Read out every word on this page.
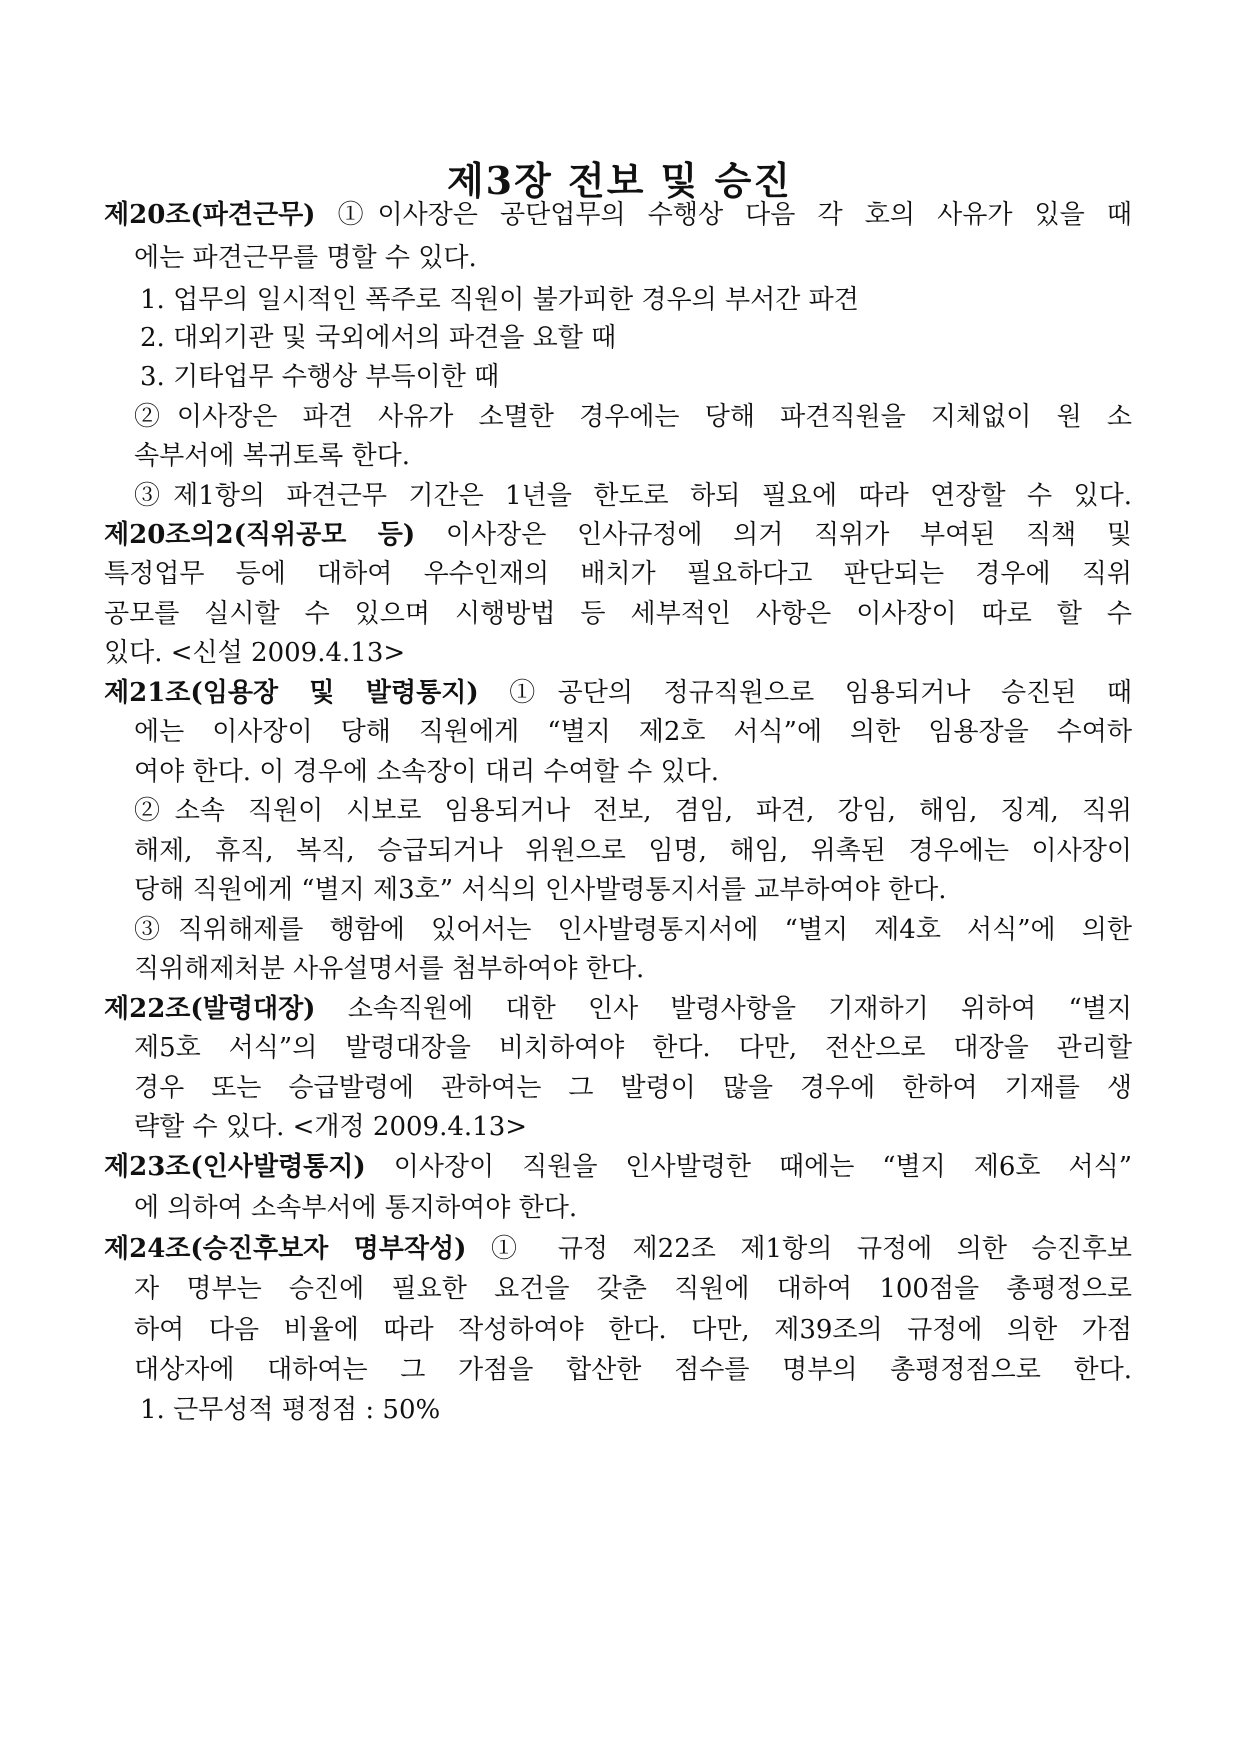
제3장 전보 및 승진
제20조(파견근무) ①이사장은 공단업무의 수행상 다음 각 호의 사유가 있을 때
에는 파견근무를 명할 수 있다.
1. 업무의 일시적인 폭주로 직원이 불가피한 경우의 부서간 파견
2. 대외기관 및 국외에서의 파견을 요할 때
3. 기타업무 수행상 부득이한 때
②이사장은 파견 사유가 소멸한 경우에는 당해 파견직원을 지체없이 원 소
속부서에 복귀토록 한다.
③제1항의 파견근무 기간은 1년을 한도로 하되 필요에 따라 연장할 수 있다.
제20조의2(직위공모 등) 이사장은 인사규정에 의거 직위가 부여된 직책 및
특정업무 등에 대하여 우수인재의 배치가 필요하다고 판단되는 경우에 직위
공모를 실시할 수 있으며 시행방법 등 세부적인 사항은 이사장이 따로 할 수
있다. <신설 2009.4.13>
제21조(임용장 및 발령통지) ①공단의 정규직원으로 임용되거나 승진된 때
에는 이사장이 당해 직원에게 “별지 제2호 서식”에 의한 임용장을 수여하
여야 한다. 이 경우에 소속장이 대리 수여할 수 있다.
②소속 직원이 시보로 임용되거나 전보, 겸임, 파견, 강임, 해임, 징계, 직위
해제, 휴직, 복직, 승급되거나 위원으로 임명, 해임, 위촉된 경우에는 이사장이
당해 직원에게 “별지 제3호” 서식의 인사발령통지서를 교부하여야 한다.
③직위해제를 행함에 있어서는 인사발령통지서에 “별지 제4호 서식”에 의한
직위해제처분 사유설명서를 첨부하여야 한다.
제22조(발령대장) 소속직원에 대한 인사 발령사항을 기재하기 위하여 “별지
제5호 서식”의 발령대장을 비치하여야 한다. 다만, 전산으로 대장을 관리할
경우 또는 승급발령에 관하여는 그 발령이 많을 경우에 한하여 기재를 생
략할 수 있다. <개정 2009.4.13>
제23조(인사발령통지) 이사장이 직원을 인사발령한 때에는 “별지 제6호 서식”
에 의하여 소속부서에 통지하여야 한다.
제24조(승진후보자 명부작성) ① 규정 제22조 제1항의 규정에 의한 승진후보
자 명부는 승진에 필요한 요건을 갖춘 직원에 대하여 100점을 총평정으로
하여 다음 비율에 따라 작성하여야 한다. 다만, 제39조의 규정에 의한 가점
대상자에 대하여는 그 가점을 합산한 점수를 명부의 총평정점으로 한다.
1. 근무성적 평정점 : 50%
